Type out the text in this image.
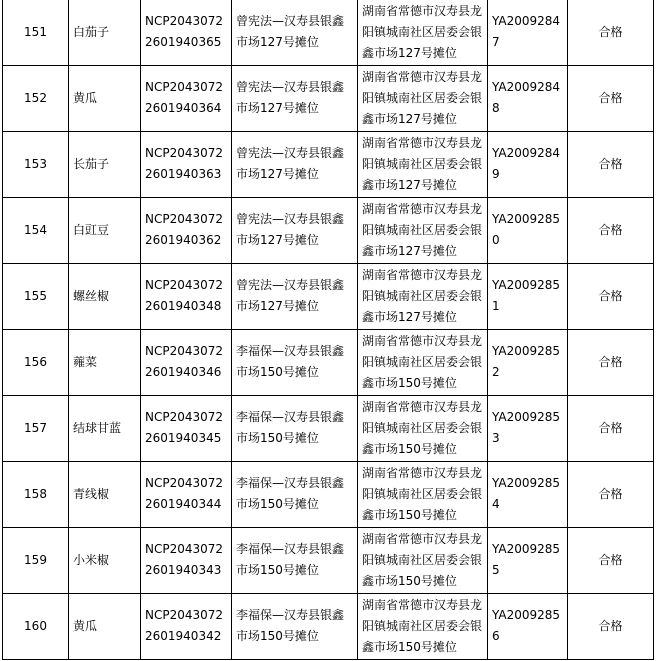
151	白茄子	NCP20430722601940365	曾宪法—汉寿县银鑫市场127号摊位	湖南省常德市汉寿县龙阳镇城南社区居委会银鑫市场127号摊位	YA20092847	合格
152	黄瓜	NCP20430722601940364	曾宪法—汉寿县银鑫市场127号摊位	湖南省常德市汉寿县龙阳镇城南社区居委会银鑫市场127号摊位	YA20092848	合格
153	长茄子	NCP20430722601940363	曾宪法—汉寿县银鑫市场127号摊位	湖南省常德市汉寿县龙阳镇城南社区居委会银鑫市场127号摊位	YA20092849	合格
154	白豇豆	NCP20430722601940362	曾宪法—汉寿县银鑫市场127号摊位	湖南省常德市汉寿县龙阳镇城南社区居委会银鑫市场127号摊位	YA20092850	合格
155	螺丝椒	NCP20430722601940348	曾宪法—汉寿县银鑫市场127号摊位	湖南省常德市汉寿县龙阳镇城南社区居委会银鑫市场127号摊位	YA20092851	合格
156	蕹菜	NCP20430722601940346	李福保—汉寿县银鑫市场150号摊位	湖南省常德市汉寿县龙阳镇城南社区居委会银鑫市场150号摊位	YA20092852	合格
157	结球甘蓝	NCP20430722601940345	李福保—汉寿县银鑫市场150号摊位	湖南省常德市汉寿县龙阳镇城南社区居委会银鑫市场150号摊位	YA20092853	合格
158	青线椒	NCP20430722601940344	李福保—汉寿县银鑫市场150号摊位	湖南省常德市汉寿县龙阳镇城南社区居委会银鑫市场150号摊位	YA20092854	合格
159	小米椒	NCP20430722601940343	李福保—汉寿县银鑫市场150号摊位	湖南省常德市汉寿县龙阳镇城南社区居委会银鑫市场150号摊位	YA20092855	合格
160	黄瓜	NCP20430722601940342	李福保—汉寿县银鑫市场150号摊位	湖南省常德市汉寿县龙阳镇城南社区居委会银鑫市场150号摊位	YA20092856	合格
